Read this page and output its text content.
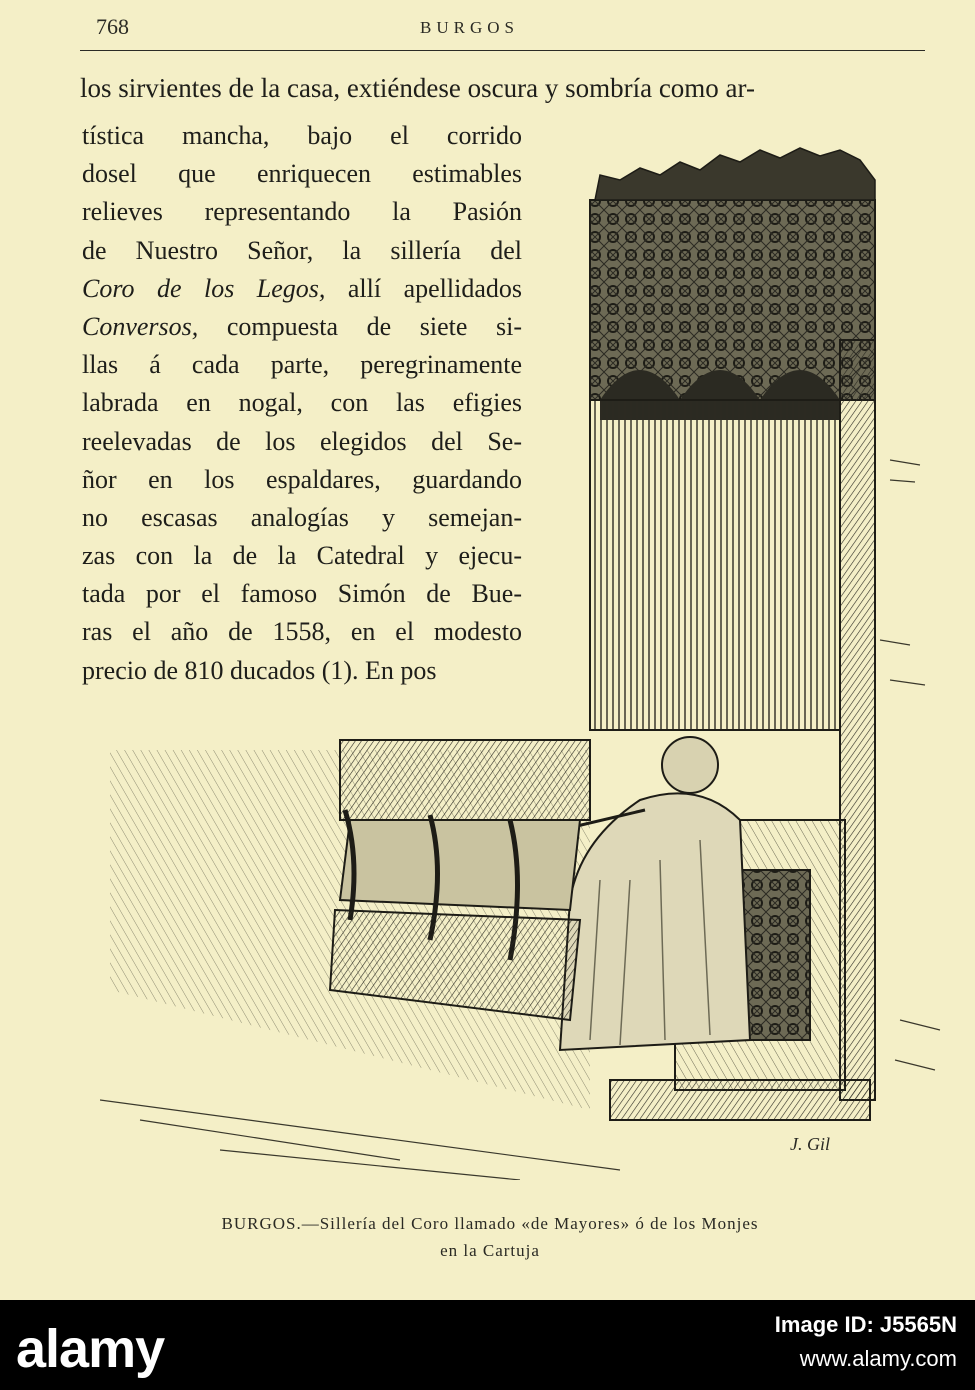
768	BURGOS
los sirvientes de la casa, extiéndese oscura y sombría como ar-
J. Gil
tística mancha, bajo el corrido
dosel que enriquecen estimables
relieves representando la Pasión
de Nuestro Señor, la sillería del
Coro de los Legos, allí apellidados
Conversos, compuesta de siete si-
llas á cada parte, peregrinamente
labrada en nogal, con las efigies
reelevadas de los elegidos del Se-
ñor en los espaldares, guardando
no escasas analogías y semejan-
zas con la de la Catedral y ejecu-
tada por el famoso Simón de Bue-
ras el año de 1558, en el modesto
precio de 810 ducados (1). En pos
BURGOS.—Sillería del Coro llamado «de Mayores» ó de los Monjes
en la Cartuja
alamy	Image ID: J5565N
www.alamy.com
